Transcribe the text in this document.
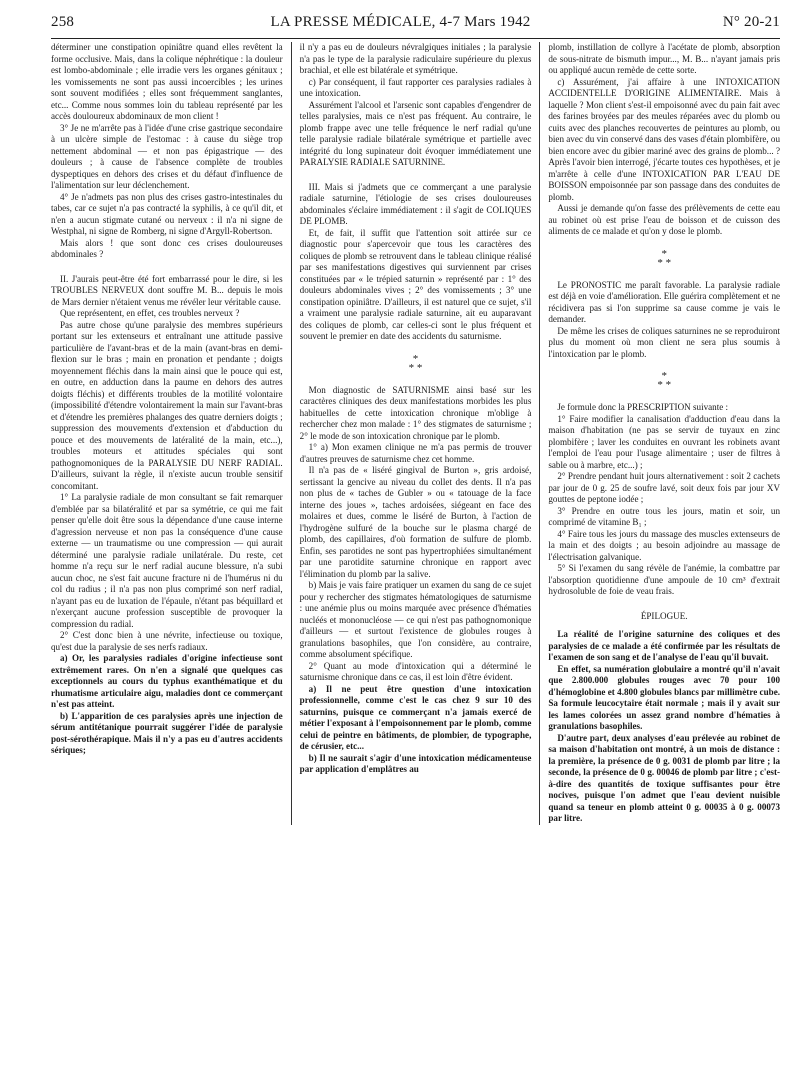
258	LA PRESSE MÉDICALE, 4-7 Mars 1942	N° 20-21

déterminer une constipation opiniâtre quand elles revêtent la forme occlusive. Mais, dans la colique néphrétique : la douleur est lombo-abdominale ; elle irradie vers les organes génitaux ; les vomissements ne sont pas aussi incoercibles ; les urines sont souvent modifiées ; elles sont fréquemment sanglantes, etc... Comme nous sommes loin du tableau représenté par les accès douloureux abdominaux de mon client !

3° Je ne m'arrête pas à l'idée d'une crise gastrique secondaire à un ulcère simple de l'estomac : à cause du siège trop nettement abdominal — et non pas épigastrique — des douleurs ; à cause de l'absence complète de troubles dyspeptiques en dehors des crises et du défaut d'influence de l'alimentation sur leur déclenchement.

4° Je n'admets pas non plus des crises gastro-intestinales du tabes, car ce sujet n'a pas contracté la syphilis, à ce qu'il dit, et n'en a aucun stigmate cutané ou nerveux : il n'a ni signe de Westphal, ni signe de Romberg, ni signe d'Argyll-Robertson.

Mais alors ! que sont donc ces crises douloureuses abdominales ?

II. J'aurais peut-être été fort embarrassé pour le dire, si les TROUBLES NERVEUX dont souffre M. B... depuis le mois de Mars dernier n'étaient venus me révéler leur véritable cause.

Que représentent, en effet, ces troubles nerveux ?

Pas autre chose qu'une paralysie des membres supérieurs portant sur les extenseurs et entraînant une attitude passive particulière de l'avant-bras et de la main (avant-bras en demi-flexion sur le bras ; main en pronation et pendante ; doigts moyennement fléchis dans la main ainsi que le pouce qui est, en outre, en adduction dans la paume en dehors des autres doigts fléchis) et différents troubles de la motilité volontaire (impossibilité d'étendre volontairement la main sur l'avant-bras et d'étendre les premières phalanges des quatre derniers doigts ; suppression des mouvements d'extension et d'abduction du pouce et des mouvements de latéralité de la main, etc...), troubles moteurs et attitudes spéciales qui sont pathognomoniques de la PARALYSIE DU NERF RADIAL. D'ailleurs, suivant la règle, il n'existe aucun trouble sensitif concomitant.

1° La paralysie radiale de mon consultant se fait remarquer d'emblée par sa bilatéralité et par sa symétrie, ce qui me fait penser qu'elle doit être sous la dépendance d'une cause interne d'agression nerveuse et non pas la conséquence d'une cause externe — un traumatisme ou une compression — qui aurait déterminé une paralysie radiale unilatérale. Du reste, cet homme n'a reçu sur le nerf radial aucune blessure, n'a subi aucun choc, ne s'est fait aucune fracture ni de l'humérus ni du col du radius ; il n'a pas non plus comprimé son nerf radial, n'ayant pas eu de luxation de l'épaule, n'étant pas béquillard et n'exerçant aucune profession susceptible de provoquer la compression du radial.

2° C'est donc bien à une névrite, infectieuse ou toxique, qu'est due la paralysie de ses nerfs radiaux.

a) Or, les paralysies radiales d'origine infectieuse sont extrêmement rares. On n'en a signalé que quelques cas exceptionnels au cours du typhus exanthématique et du rhumatisme articulaire aigu, maladies dont ce commerçant n'est pas atteint.

b) L'apparition de ces paralysies après une injection de sérum antitétanique pourrait suggérer l'idée de paralysie post-sérothérapique. Mais il n'y a pas eu d'autres accidents sériques;

il n'y a pas eu de douleurs névralgiques initiales ; la paralysie n'a pas le type de la paralysie radiculaire supérieure du plexus brachial, et elle est bilatérale et symétrique.

c) Par conséquent, il faut rapporter ces paralysies radiales à une intoxication.

Assurément l'alcool et l'arsenic sont capables d'engendrer de telles paralysies, mais ce n'est pas fréquent. Au contraire, le plomb frappe avec une telle fréquence le nerf radial qu'une telle paralysie radiale bilatérale symétrique et partielle avec intégrité du long supinateur doit évoquer immédiatement une PARALYSIE RADIALE SATURNINE.

III. Mais si j'admets que ce commerçant a une paralysie radiale saturnine, l'étiologie de ses crises douloureuses abdominales s'éclaire immédiatement : il s'agit de COLIQUES DE PLOMB.

Et, de fait, il suffit que l'attention soit attirée sur ce diagnostic pour s'apercevoir que tous les caractères des coliques de plomb se retrouvent dans le tableau clinique réalisé par ses manifestations digestives qui surviennent par crises constituées par « le trépied saturnin » représenté par : 1° des douleurs abdominales vives ; 2° des vomissements ; 3° une constipation opiniâtre. D'ailleurs, il est naturel que ce sujet, s'il a vraiment une paralysie radiale saturnine, ait eu auparavant des coliques de plomb, car celles-ci sont le plus fréquent et souvent le premier en date des accidents du saturnisme.

*
* *

Mon diagnostic de SATURNISME ainsi basé sur les caractères cliniques des deux manifestations morbides les plus habituelles de cette intoxication chronique m'oblige à rechercher chez mon malade : 1° des stigmates de saturnisme ; 2° le mode de son intoxication chronique par le plomb.

1° a) Mon examen clinique ne m'a pas permis de trouver d'autres preuves de saturnisme chez cet homme.

Il n'a pas de « liséré gingival de Burton », gris ardoisé, sertissant la gencive au niveau du collet des dents. Il n'a pas non plus de « taches de Gubler » ou « tatouage de la face interne des joues », taches ardoisées, siégeant en face des molaires et dues, comme le liséré de Burton, à l'action de l'hydrogène sulfuré de la bouche sur le plasma chargé de plomb, des capillaires, d'où formation de sulfure de plomb. Enfin, ses parotides ne sont pas hypertrophiées simultanément par une parotidite saturnine chronique en rapport avec l'élimination du plomb par la salive.

b) Mais je vais faire pratiquer un examen du sang de ce sujet pour y rechercher des stigmates hématologiques de saturnisme : une anémie plus ou moins marquée avec présence d'hématies nucléés et mononucléose — ce qui n'est pas pathognomonique d'ailleurs — et surtout l'existence de globules rouges à granulations basophiles, que l'on considère, au contraire, comme absolument spécifique.

2° Quant au mode d'intoxication qui a déterminé le saturnisme chronique dans ce cas, il est loin d'être évident.

a) Il ne peut être question d'une intoxication professionnelle, comme c'est le cas chez 9 sur 10 des saturnins, puisque ce commerçant n'a jamais exercé de métier l'exposant à l'empoisonnement par le plomb, comme celui de peintre en bâtiments, de plombier, de typographe, de cérusier, etc...

b) Il ne saurait s'agir d'une intoxication médicamenteuse par application d'emplâtres au

plomb, instillation de collyre à l'acétate de plomb, absorption de sous-nitrate de bismuth impur..., M. B... n'ayant jamais pris ou appliqué aucun remède de cette sorte.

c) Assurément, j'ai affaire à une INTOXICATION ACCIDENTELLE D'ORIGINE ALIMENTAIRE. Mais à laquelle ? Mon client s'est-il empoisonné avec du pain fait avec des farines broyées par des meules réparées avec du plomb ou cuits avec des planches recouvertes de peintures au plomb, ou bien avec du vin conservé dans des vases d'étain plombifère, ou bien encore avec du gibier mariné avec des grains de plomb... ? Après l'avoir bien interrogé, j'écarte toutes ces hypothèses, et je m'arrête à celle d'une INTOXICATION PAR L'EAU DE BOISSON empoisonnée par son passage dans des conduites de plomb.

Aussi je demande qu'on fasse des prélèvements de cette eau au robinet où est prise l'eau de boisson et de cuisson des aliments de ce malade et qu'on y dose le plomb.

*
* *

Le PRONOSTIC me paraît favorable. La paralysie radiale est déjà en voie d'amélioration. Elle guérira complètement et ne récidivera pas si l'on supprime sa cause comme je vais le demander.

De même les crises de coliques saturnines ne se reproduiront plus du moment où mon client ne sera plus soumis à l'intoxication par le plomb.

*
* *

Je formule donc la PRESCRIPTION suivante :

1° Faire modifier la canalisation d'adduction d'eau dans la maison d'habitation (ne pas se servir de tuyaux en zinc plombifère ; laver les conduites en ouvrant les robinets avant l'emploi de l'eau pour l'usage alimentaire ; user de filtres à sable ou à marbre, etc...) ;

2° Prendre pendant huit jours alternativement : soit 2 cachets par jour de 0 g. 25 de soufre lavé, soit deux fois par jour XV gouttes de peptone iodée ;

3° Prendre en outre tous les jours, matin et soir, un comprimé de vitamine B₁ ;

4° Faire tous les jours du massage des muscles extenseurs de la main et des doigts ; au besoin adjoindre au massage de l'électrisation galvanique.

5° Si l'examen du sang révèle de l'anémie, la combattre par l'absorption quotidienne d'une ampoule de 10 cm³ d'extrait hydrosoluble de foie de veau frais.

ÉPILOGUE.

La réalité de l'origine saturnine des coliques et des paralysies de ce malade a été confirmée par les résultats de l'examen de son sang et de l'analyse de l'eau qu'il buvait.

En effet, sa numération globulaire a montré qu'il n'avait que 2.800.000 globules rouges avec 70 pour 100 d'hémoglobine et 4.800 globules blancs par millimètre cube. Sa formule leucocytaire était normale ; mais il y avait sur les lames colorées un assez grand nombre d'hématies à granulations basophiles.

D'autre part, deux analyses d'eau prélevée au robinet de sa maison d'habitation ont montré, à un mois de distance : la première, la présence de 0 g. 0031 de plomb par litre ; la seconde, la présence de 0 g. 00046 de plomb par litre ; c'est-à-dire des quantités de toxique suffisantes pour être nocives, puisque l'on admet que l'eau devient nuisible quand sa teneur en plomb atteint 0 g. 00035 à 0 g. 00073 par litre.
